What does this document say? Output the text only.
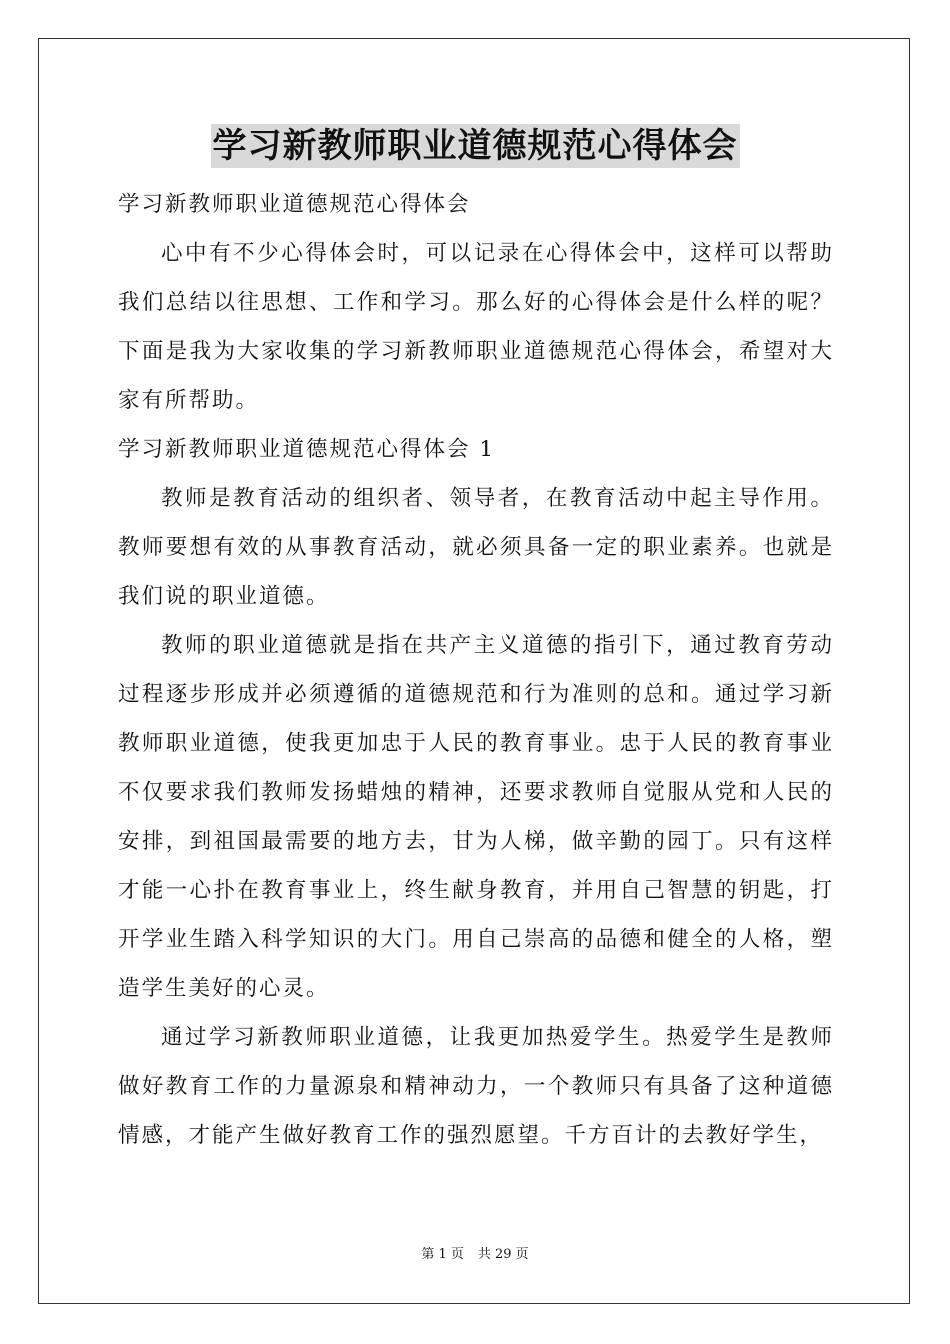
学习新教师职业道德规范心得体会

学习新教师职业道德规范心得体会

心中有不少心得体会时，可以记录在心得体会中，这样可以帮助我们总结以往思想、工作和学习。那么好的心得体会是什么样的呢？下面是我为大家收集的学习新教师职业道德规范心得体会，希望对大家有所帮助。

学习新教师职业道德规范心得体会 1

教师是教育活动的组织者、领导者，在教育活动中起主导作用。教师要想有效的从事教育活动，就必须具备一定的职业素养。也就是我们说的职业道德。

教师的职业道德就是指在共产主义道德的指引下，通过教育劳动过程逐步形成并必须遵循的道德规范和行为准则的总和。通过学习新教师职业道德，使我更加忠于人民的教育事业。忠于人民的教育事业不仅要求我们教师发扬蜡烛的精神，还要求教师自觉服从党和人民的安排，到祖国最需要的地方去，甘为人梯，做辛勤的园丁。只有这样才能一心扑在教育事业上，终生献身教育，并用自己智慧的钥匙，打开学业生踏入科学知识的大门。用自己崇高的品德和健全的人格，塑造学生美好的心灵。

通过学习新教师职业道德，让我更加热爱学生。热爱学生是教师做好教育工作的力量源泉和精神动力，一个教师只有具备了这种道德情感，才能产生做好教育工作的强烈愿望。千方百计的去教好学生，

第 1 页 共 29 页
